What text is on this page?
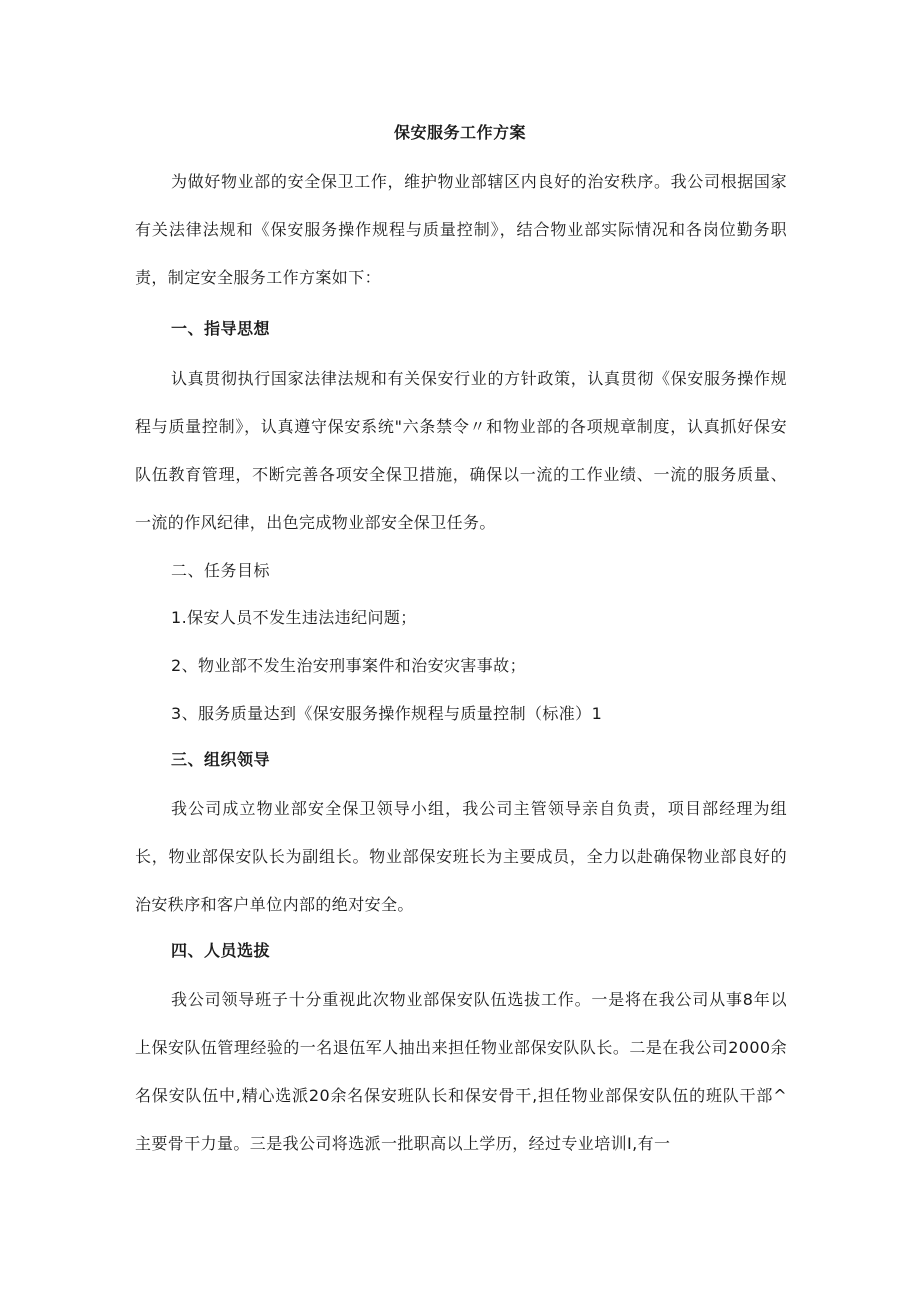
保安服务工作方案

为做好物业部的安全保卫工作，维护物业部辖区内良好的治安秩序。我公司根据国家有关法律法规和《保安服务操作规程与质量控制》，结合物业部实际情况和各岗位勤务职责，制定安全服务工作方案如下：

一、指导思想

认真贯彻执行国家法律法规和有关保安行业的方针政策，认真贯彻《保安服务操作规程与质量控制》，认真遵守保安系统"六条禁令〃和物业部的各项规章制度，认真抓好保安队伍教育管理，不断完善各项安全保卫措施，确保以一流的工作业绩、一流的服务质量、一流的作风纪律，出色完成物业部安全保卫任务。

二、任务目标
1.保安人员不发生违法违纪问题；
2、物业部不发生治安刑事案件和治安灾害事故；
3、服务质量达到《保安服务操作规程与质量控制（标准）1
三、组织领导

我公司成立物业部安全保卫领导小组，我公司主管领导亲自负责，项目部经理为组长，物业部保安队长为副组长。物业部保安班长为主要成员，全力以赴确保物业部良好的治安秩序和客户单位内部的绝对安全。

四、人员选拔

我公司领导班子十分重视此次物业部保安队伍选拔工作。一是将在我公司从事8年以上保安队伍管理经验的一名退伍军人抽出来担任物业部保安队队长。二是在我公司2000余名保安队伍中,精心选派20余名保安班队长和保安骨干,担任物业部保安队伍的班队干部^主要骨干力量。三是我公司将选派一批职高以上学历，经过专业培训Ⅰ,有一
